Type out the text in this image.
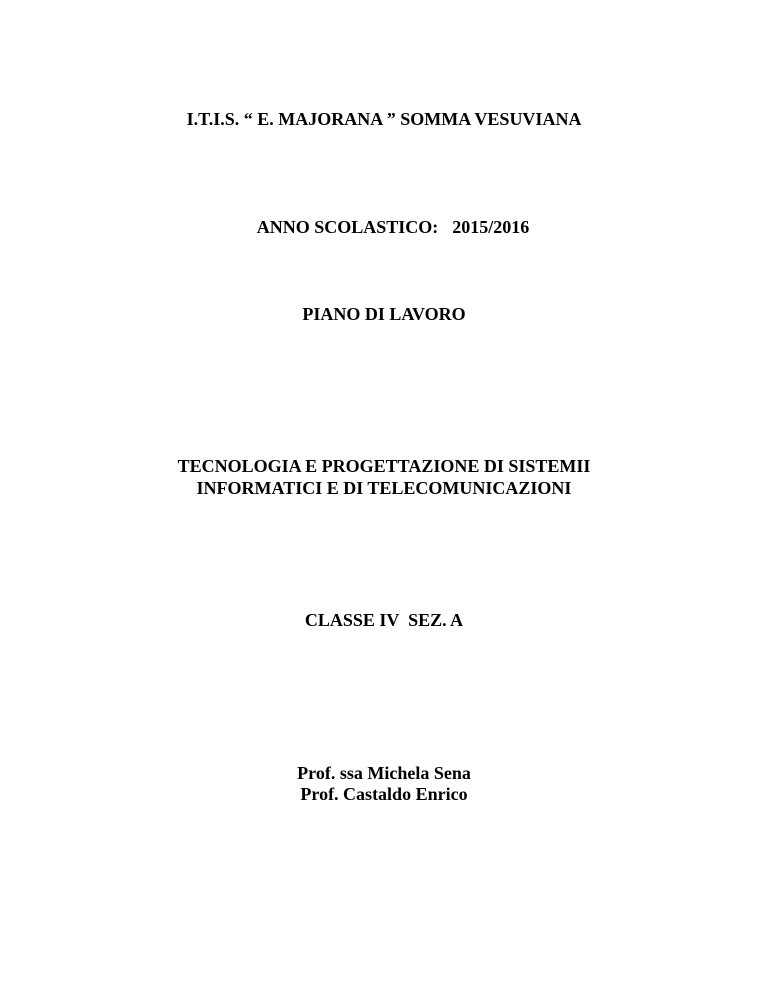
I.T.I.S. “ E. MAJORANA ” SOMMA VESUVIANA

ANNO SCOLASTICO: 2015/2016

PIANO DI LAVORO
TECNOLOGIA E PROGETTAZIONE DI SISTEMII
INFORMATICI E DI TELECOMUNICAZIONI
CLASSE IV  SEZ. A
Prof. ssa Michela Sena
Prof. Castaldo Enrico
